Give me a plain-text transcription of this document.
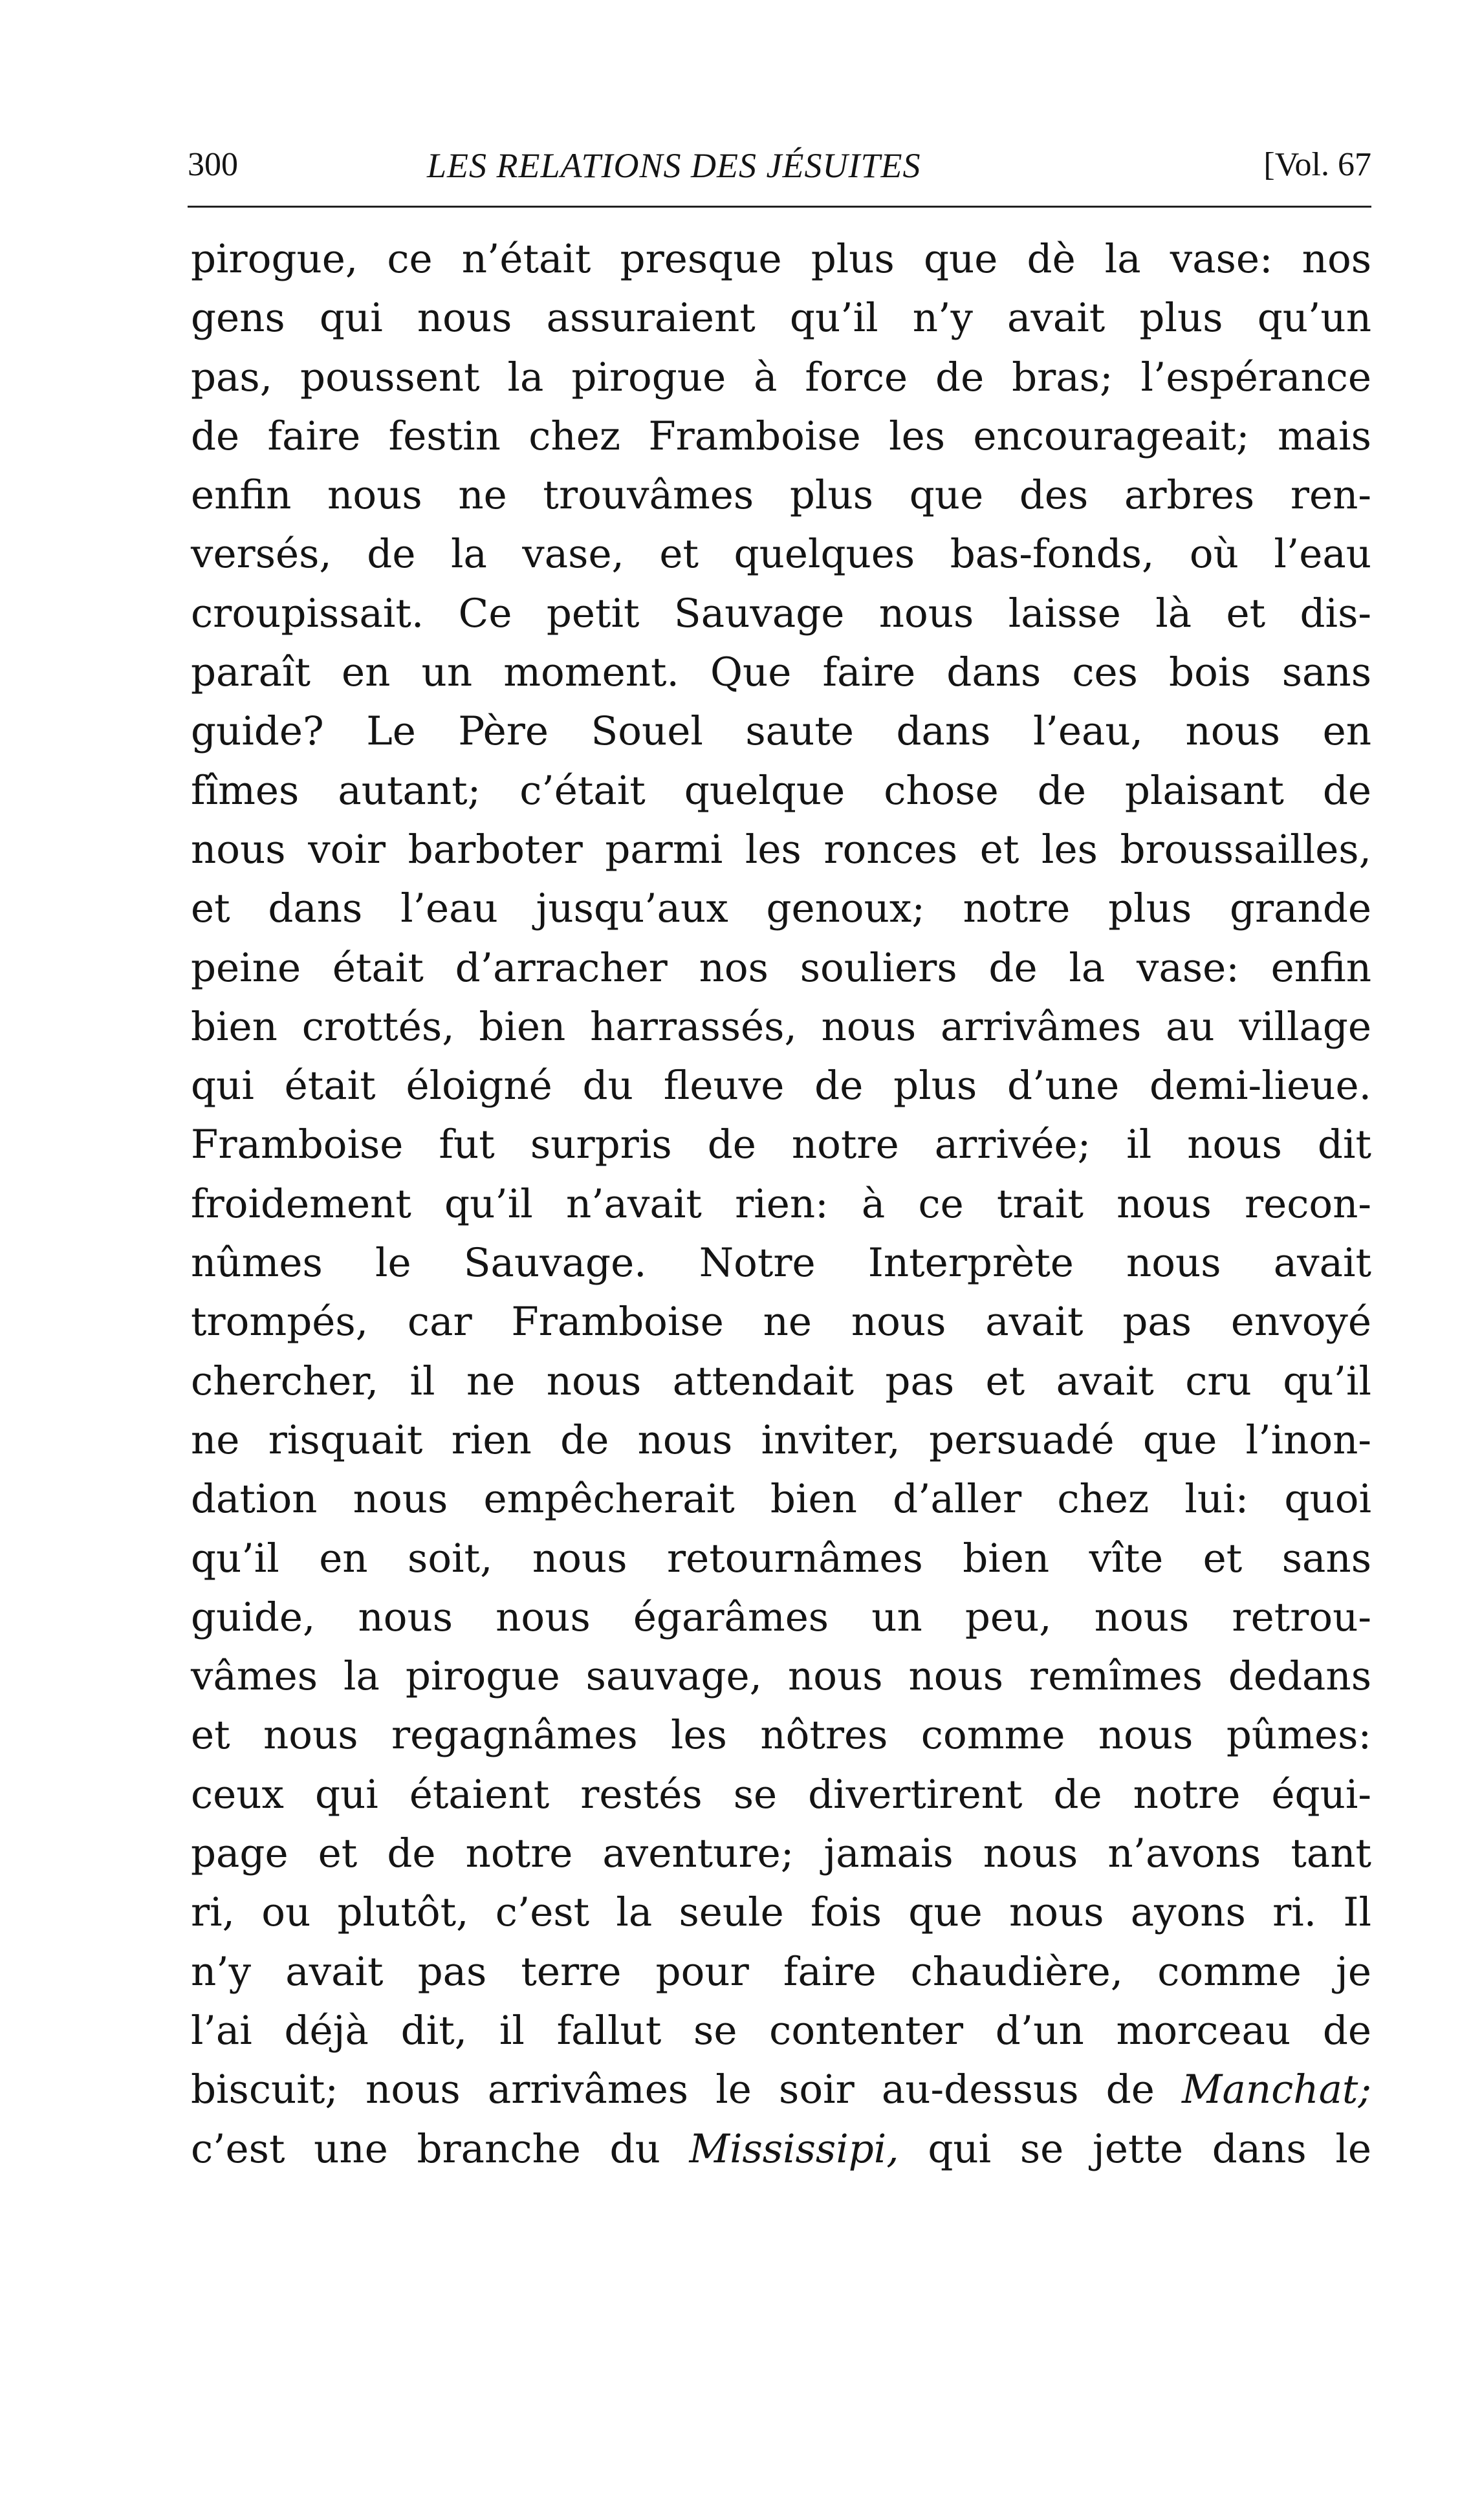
300	LES RELATIONS DES JÉSUITES	[Vol. 67
pirogue, ce n’était presque plus que dè la vase: nos
gens qui nous assuraient qu’il n’y avait plus qu’un
pas, poussent la pirogue à force de bras; l’espérance
de faire festin chez Framboise les encourageait; mais
enfin nous ne trouvâmes plus que des arbres ren-
versés, de la vase, et quelques bas-fonds, où l’eau
croupissait. Ce petit Sauvage nous laisse là et dis-
paraît en un moment. Que faire dans ces bois sans
guide? Le Père Souel saute dans l’eau, nous en
fîmes autant; c’était quelque chose de plaisant de
nous voir barboter parmi les ronces et les broussailles,
et dans l’eau jusqu’aux genoux; notre plus grande
peine était d’arracher nos souliers de la vase: enfin
bien crottés, bien harrassés, nous arrivâmes au village
qui était éloigné du fleuve de plus d’une demi-lieue.
Framboise fut surpris de notre arrivée; il nous dit
froidement qu’il n’avait rien: à ce trait nous recon-
nûmes le Sauvage. Notre Interprète nous avait
trompés, car Framboise ne nous avait pas envoyé
chercher, il ne nous attendait pas et avait cru qu’il
ne risquait rien de nous inviter, persuadé que l’inon-
dation nous empêcherait bien d’aller chez lui: quoi
qu’il en soit, nous retournâmes bien vîte et sans
guide, nous nous égarâmes un peu, nous retrou-
vâmes la pirogue sauvage, nous nous remîmes dedans
et nous regagnâmes les nôtres comme nous pûmes:
ceux qui étaient restés se divertirent de notre équi-
page et de notre aventure; jamais nous n’avons tant
ri, ou plutôt, c’est la seule fois que nous ayons ri. Il
n’y avait pas terre pour faire chaudière, comme je
l’ai déjà dit, il fallut se contenter d’un morceau de
biscuit; nous arrivâmes le soir au-dessus de Manchat;
c’est une branche du Mississipi, qui se jette dans le
